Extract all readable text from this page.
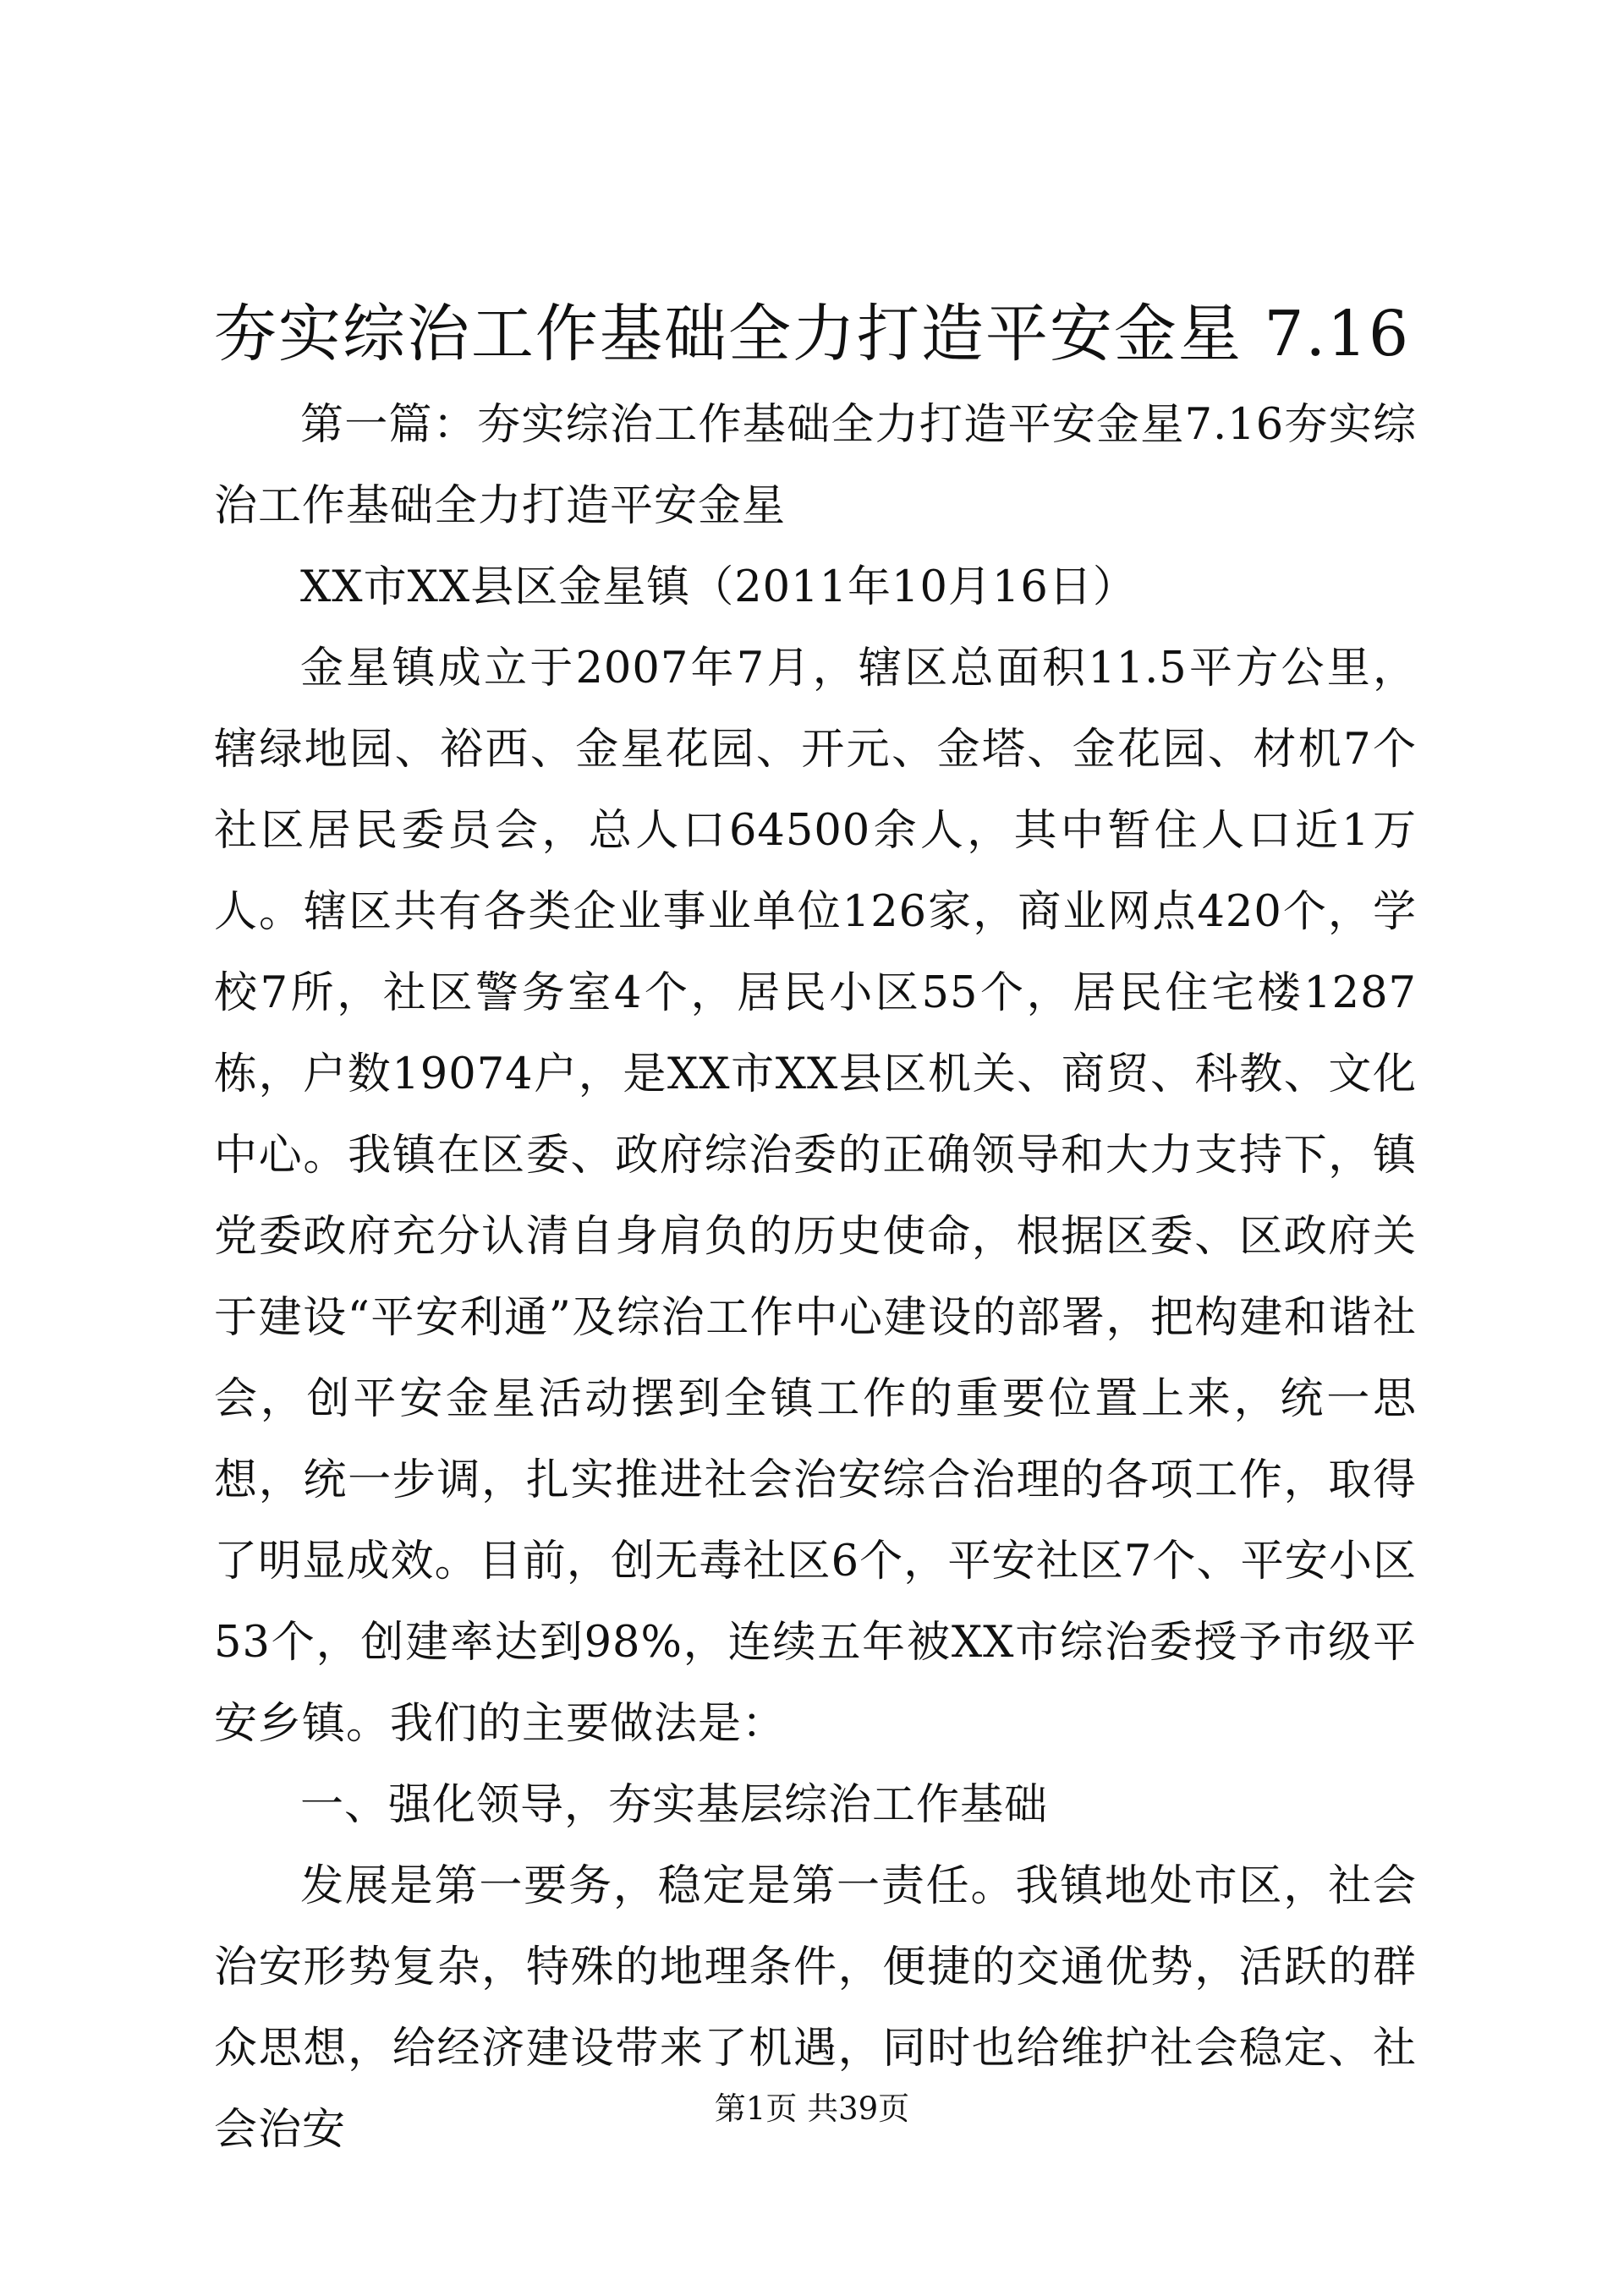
夯实综治工作基础全力打造平安金星 7.16

第一篇：夯实综治工作基础全力打造平安金星7.16夯实综治工作基础全力打造平安金星

XX市XX县区金星镇（2011年10月16日）

金星镇成立于2007年7月，辖区总面积11.5平方公里，辖绿地园、裕西、金星花园、开元、金塔、金花园、材机7个社区居民委员会，总人口64500余人，其中暂住人口近1万人。辖区共有各类企业事业单位126家，商业网点420个，学校7所，社区警务室4个，居民小区55个，居民住宅楼1287栋，户数19074户，是XX市XX县区机关、商贸、科教、文化中心。我镇在区委、政府综治委的正确领导和大力支持下，镇党委政府充分认清自身肩负的历史使命，根据区委、区政府关于建设“平安利通”及综治工作中心建设的部署，把构建和谐社会，创平安金星活动摆到全镇工作的重要位置上来，统一思想，统一步调，扎实推进社会治安综合治理的各项工作，取得了明显成效。目前，创无毒社区6个，平安社区7个、平安小区53个，创建率达到98%，连续五年被XX市综治委授予市级平安乡镇。我们的主要做法是：

一、强化领导，夯实基层综治工作基础

发展是第一要务，稳定是第一责任。我镇地处市区，社会治安形势复杂，特殊的地理条件，便捷的交通优势，活跃的群众思想，给经济建设带来了机遇，同时也给维护社会稳定、社会治安	第1页 共39页
